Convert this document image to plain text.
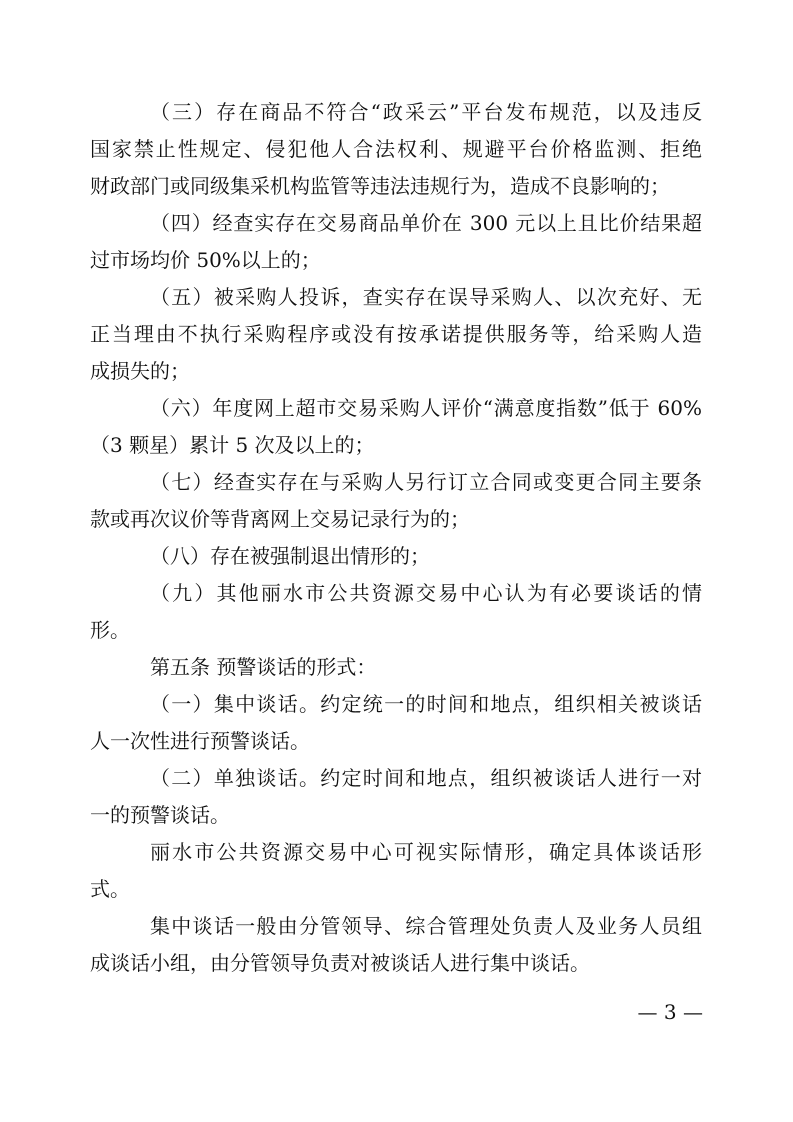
（三）存在商品不符合“政采云”平台发布规范，以及违反
国家禁止性规定、侵犯他人合法权利、规避平台价格监测、拒绝
财政部门或同级集采机构监管等违法违规行为，造成不良影响的；
（四）经查实存在交易商品单价在 300 元以上且比价结果超
过市场均价 50%以上的；
（五）被采购人投诉，查实存在误导采购人、以次充好、无
正当理由不执行采购程序或没有按承诺提供服务等，给采购人造
成损失的；
（六）年度网上超市交易采购人评价“满意度指数”低于 60%
（3 颗星）累计 5 次及以上的；
（七）经查实存在与采购人另行订立合同或变更合同主要条
款或再次议价等背离网上交易记录行为的；
（八）存在被强制退出情形的；
（九）其他丽水市公共资源交易中心认为有必要谈话的情
形。
第五条 预警谈话的形式：
（一）集中谈话。约定统一的时间和地点，组织相关被谈话
人一次性进行预警谈话。
（二）单独谈话。约定时间和地点，组织被谈话人进行一对
一的预警谈话。
丽水市公共资源交易中心可视实际情形，确定具体谈话形
式。
集中谈话一般由分管领导、综合管理处负责人及业务人员组
成谈话小组，由分管领导负责对被谈话人进行集中谈话。
— 3 —
